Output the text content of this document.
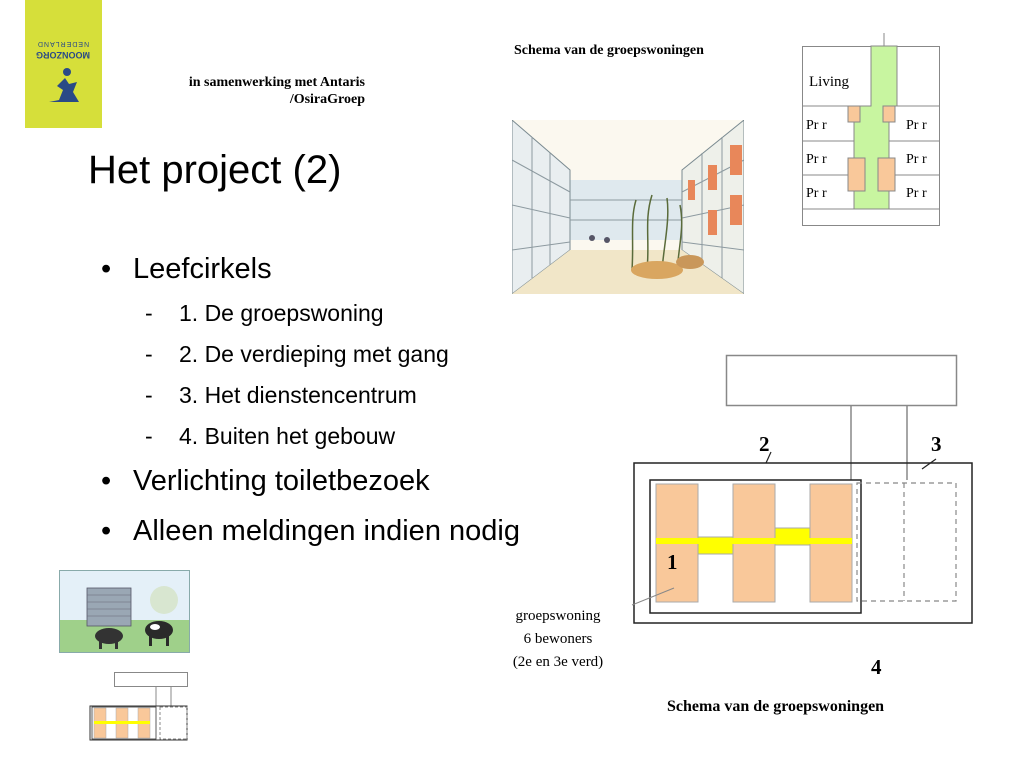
NEDERLAND
MOONZORG
in samenwerking met Antaris
/OsiraGroep
Het project (2)
• Leefcirkels
- 1. De groepswoning
- 2. De verdieping met gang
- 3. Het dienstencentrum
- 4. Buiten het gebouw
• Verlichting toiletbezoek
• Alleen meldingen indien nodig
Schema van de groepswoningen
Living
Pr r	Pr r
Pr r	Pr r
Pr r	Pr r
2	3
1
4
groepswoning
6 bewoners
(2e en 3e verd)
Schema van de groepswoningen
